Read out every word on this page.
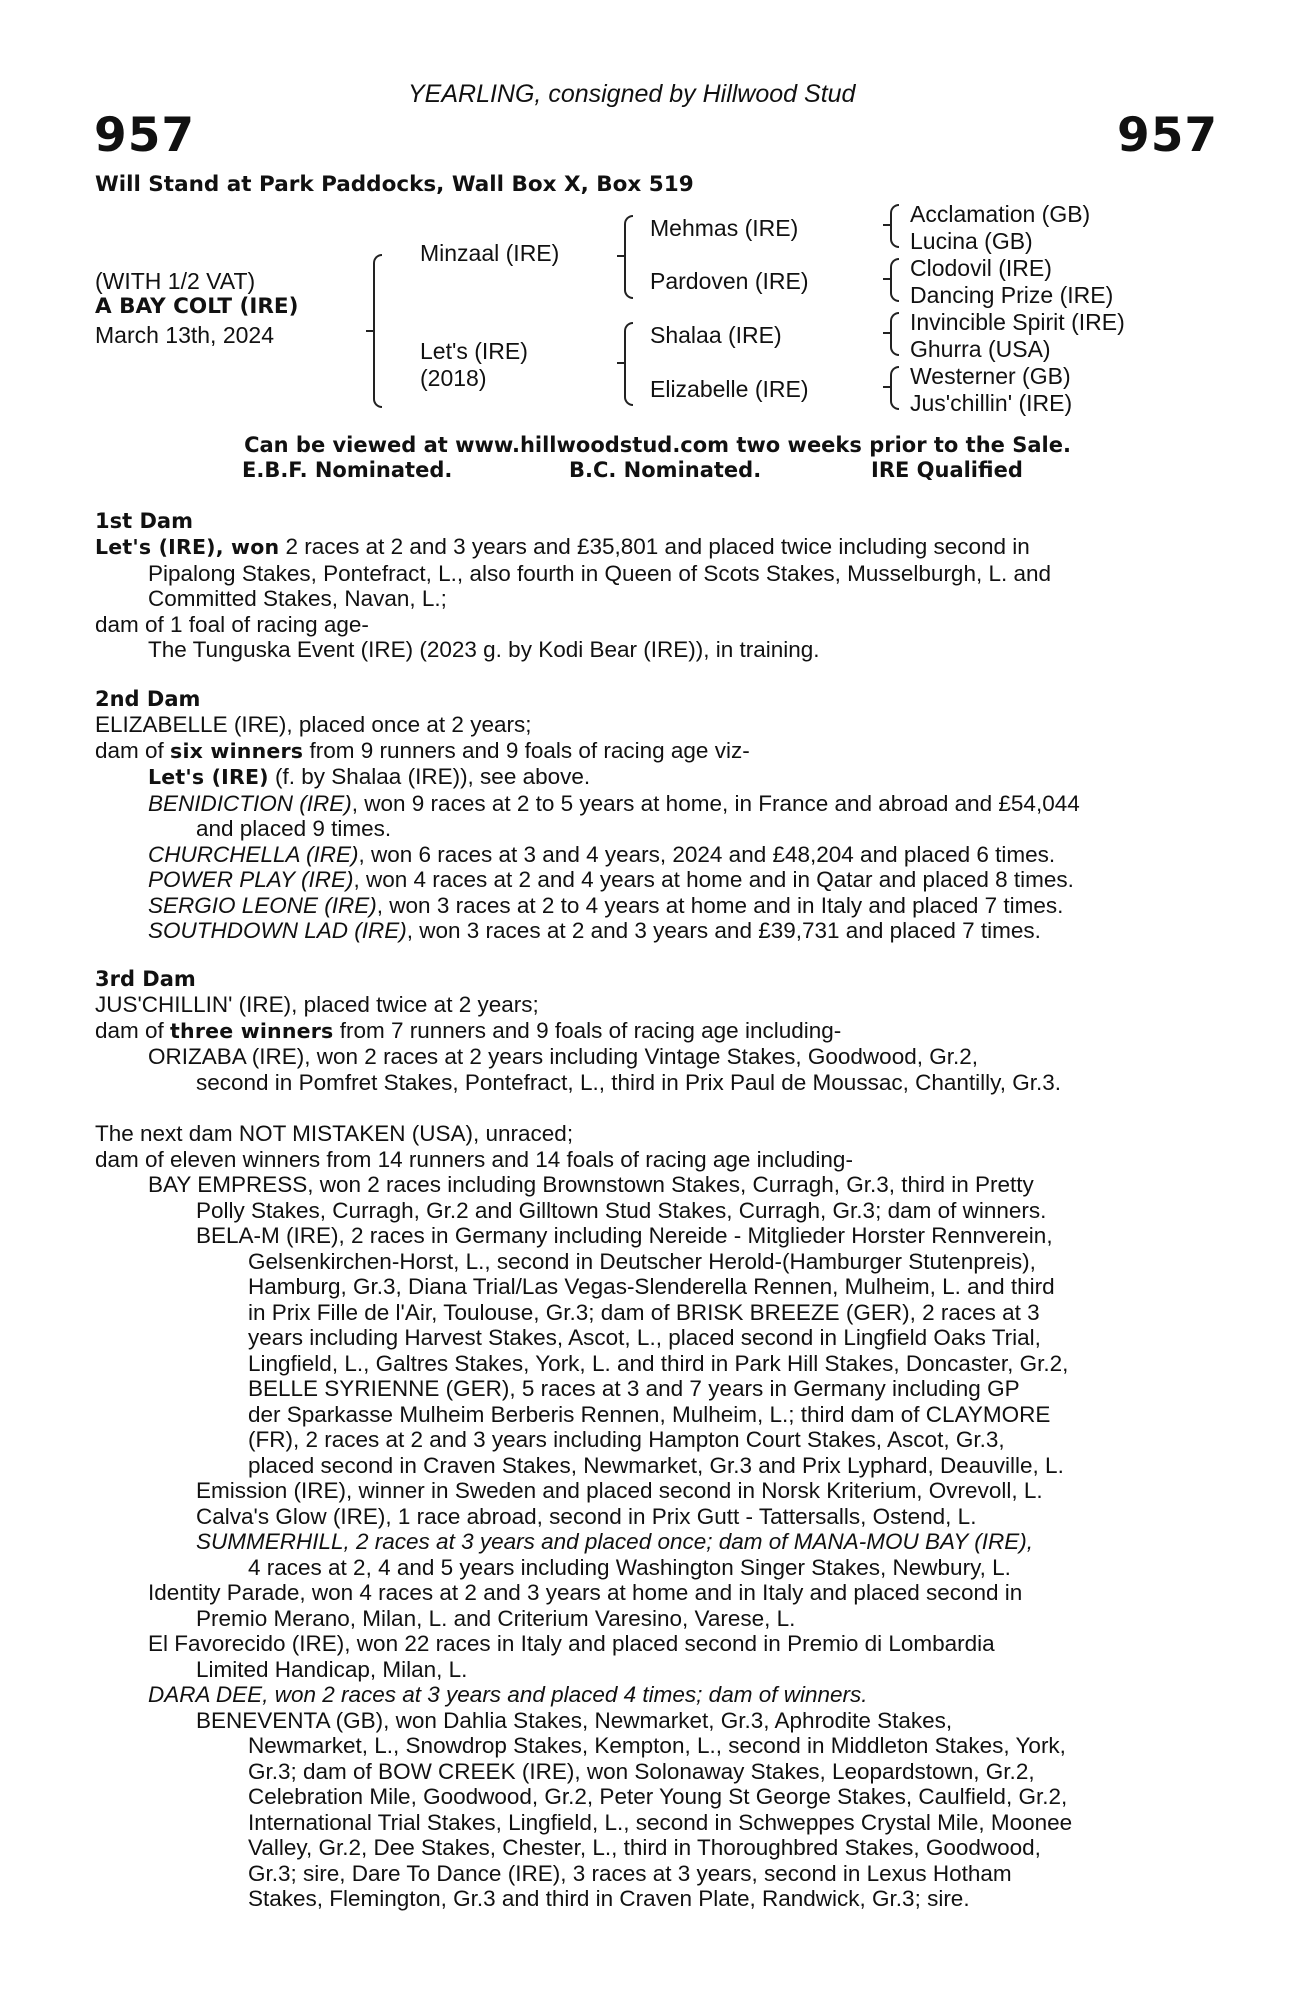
YEARLING, consigned by Hillwood Stud
957	957
Will Stand at Park Paddocks, Wall Box X, Box 519
(WITH 1/2 VAT)
A BAY COLT (IRE)
March 13th, 2024
Minzaal (IRE)
Let's (IRE)
(2018)
Mehmas (IRE)
Pardoven (IRE)
Shalaa (IRE)
Elizabelle (IRE)
Acclamation (GB)
Lucina (GB)
Clodovil (IRE)
Dancing Prize (IRE)
Invincible Spirit (IRE)
Ghurra (USA)
Westerner (GB)
Jus'chillin' (IRE)
Can be viewed at www.hillwoodstud.com two weeks prior to the Sale.
E.B.F. Nominated.	B.C. Nominated.	IRE Qualified
1st Dam
Let's (IRE), won 2 races at 2 and 3 years and £35,801 and placed twice including second in
Pipalong Stakes, Pontefract, L., also fourth in Queen of Scots Stakes, Musselburgh, L. and
Committed Stakes, Navan, L.;
dam of 1 foal of racing age-
The Tunguska Event (IRE) (2023 g. by Kodi Bear (IRE)), in training.
2nd Dam
ELIZABELLE (IRE), placed once at 2 years;
dam of six winners from 9 runners and 9 foals of racing age viz-
Let's (IRE) (f. by Shalaa (IRE)), see above.
BENIDICTION (IRE), won 9 races at 2 to 5 years at home, in France and abroad and £54,044
and placed 9 times.
CHURCHELLA (IRE), won 6 races at 3 and 4 years, 2024 and £48,204 and placed 6 times.
POWER PLAY (IRE), won 4 races at 2 and 4 years at home and in Qatar and placed 8 times.
SERGIO LEONE (IRE), won 3 races at 2 to 4 years at home and in Italy and placed 7 times.
SOUTHDOWN LAD (IRE), won 3 races at 2 and 3 years and £39,731 and placed 7 times.
3rd Dam
JUS'CHILLIN' (IRE), placed twice at 2 years;
dam of three winners from 7 runners and 9 foals of racing age including-
ORIZABA (IRE), won 2 races at 2 years including Vintage Stakes, Goodwood, Gr.2,
second in Pomfret Stakes, Pontefract, L., third in Prix Paul de Moussac, Chantilly, Gr.3.
The next dam NOT MISTAKEN (USA), unraced;
dam of eleven winners from 14 runners and 14 foals of racing age including-
BAY EMPRESS, won 2 races including Brownstown Stakes, Curragh, Gr.3, third in Pretty
Polly Stakes, Curragh, Gr.2 and Gilltown Stud Stakes, Curragh, Gr.3; dam of winners.
BELA-M (IRE), 2 races in Germany including Nereide - Mitglieder Horster Rennverein,
Gelsenkirchen-Horst, L., second in Deutscher Herold-(Hamburger Stutenpreis),
Hamburg, Gr.3, Diana Trial/Las Vegas-Slenderella Rennen, Mulheim, L. and third
in Prix Fille de l'Air, Toulouse, Gr.3; dam of BRISK BREEZE (GER), 2 races at 3
years including Harvest Stakes, Ascot, L., placed second in Lingfield Oaks Trial,
Lingfield, L., Galtres Stakes, York, L. and third in Park Hill Stakes, Doncaster, Gr.2,
BELLE SYRIENNE (GER), 5 races at 3 and 7 years in Germany including GP
der Sparkasse Mulheim Berberis Rennen, Mulheim, L.; third dam of CLAYMORE
(FR), 2 races at 2 and 3 years including Hampton Court Stakes, Ascot, Gr.3,
placed second in Craven Stakes, Newmarket, Gr.3 and Prix Lyphard, Deauville, L.
Emission (IRE), winner in Sweden and placed second in Norsk Kriterium, Ovrevoll, L.
Calva's Glow (IRE), 1 race abroad, second in Prix Gutt - Tattersalls, Ostend, L.
SUMMERHILL, 2 races at 3 years and placed once; dam of MANA-MOU BAY (IRE),
4 races at 2, 4 and 5 years including Washington Singer Stakes, Newbury, L.
Identity Parade, won 4 races at 2 and 3 years at home and in Italy and placed second in
Premio Merano, Milan, L. and Criterium Varesino, Varese, L.
El Favorecido (IRE), won 22 races in Italy and placed second in Premio di Lombardia
Limited Handicap, Milan, L.
DARA DEE, won 2 races at 3 years and placed 4 times; dam of winners.
BENEVENTA (GB), won Dahlia Stakes, Newmarket, Gr.3, Aphrodite Stakes,
Newmarket, L., Snowdrop Stakes, Kempton, L., second in Middleton Stakes, York,
Gr.3; dam of BOW CREEK (IRE), won Solonaway Stakes, Leopardstown, Gr.2,
Celebration Mile, Goodwood, Gr.2, Peter Young St George Stakes, Caulfield, Gr.2,
International Trial Stakes, Lingfield, L., second in Schweppes Crystal Mile, Moonee
Valley, Gr.2, Dee Stakes, Chester, L., third in Thoroughbred Stakes, Goodwood,
Gr.3; sire, Dare To Dance (IRE), 3 races at 3 years, second in Lexus Hotham
Stakes, Flemington, Gr.3 and third in Craven Plate, Randwick, Gr.3; sire.
